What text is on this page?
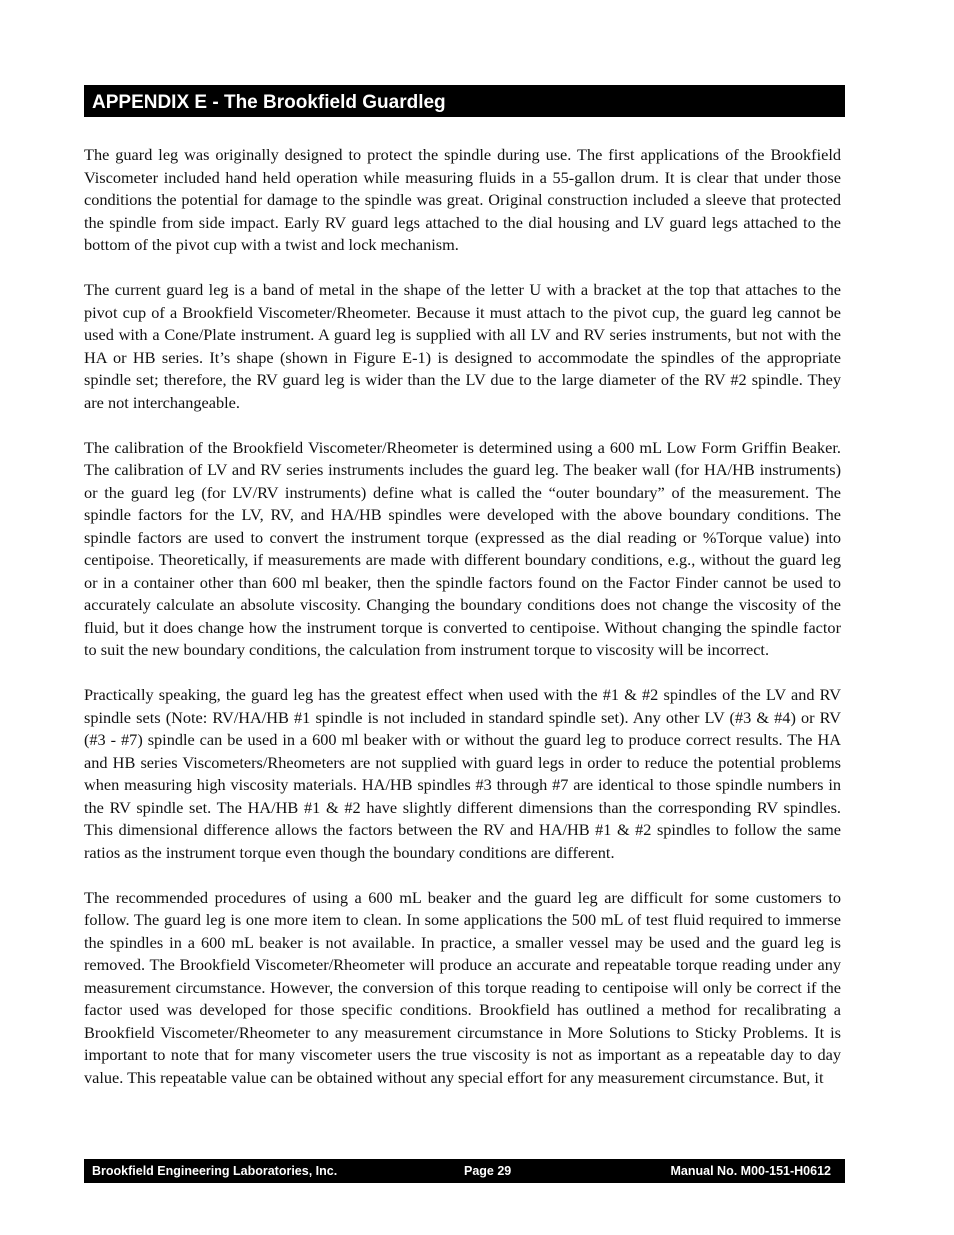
APPENDIX E - The Brookfield Guardleg

The guard leg was originally designed to protect the spindle during use. The first applications of the Brookfield Viscometer included hand held operation while measuring fluids in a 55-gallon drum. It is clear that under those conditions the potential for damage to the spindle was great. Original construction included a sleeve that protected the spindle from side impact. Early RV guard legs attached to the dial housing and LV guard legs attached to the bottom of the pivot cup with a twist and lock mechanism.

The current guard leg is a band of metal in the shape of the letter U with a bracket at the top that attaches to the pivot cup of a Brookfield Viscometer/Rheometer. Because it must attach to the pivot cup, the guard leg cannot be used with a Cone/Plate instrument. A guard leg is supplied with all LV and RV series instruments, but not with the HA or HB series. It’s shape (shown in Figure E-1) is designed to accommodate the spindles of the appropriate spindle set; therefore, the RV guard leg is wider than the LV due to the large diameter of the RV #2 spindle. They are not interchangeable.

The calibration of the Brookfield Viscometer/Rheometer is determined using a 600 mL Low Form Griffin Beaker. The calibration of LV and RV series instruments includes the guard leg. The beaker wall (for HA/HB instruments) or the guard leg (for LV/RV instruments) define what is called the “outer boundary” of the measurement. The spindle factors for the LV, RV, and HA/HB spindles were developed with the above boundary conditions. The spindle factors are used to convert the instrument torque (expressed as the dial reading or %Torque value) into centipoise. Theoretically, if measurements are made with different boundary conditions, e.g., without the guard leg or in a container other than 600 ml beaker, then the spindle factors found on the Factor Finder cannot be used to accurately calculate an absolute viscosity. Changing the boundary conditions does not change the viscosity of the fluid, but it does change how the instrument torque is converted to centipoise. Without changing the spindle factor to suit the new boundary conditions, the calculation from instrument torque to viscosity will be incorrect.

Practically speaking, the guard leg has the greatest effect when used with the #1 & #2 spindles of the LV and RV spindle sets (Note: RV/HA/HB #1 spindle is not included in standard spindle set). Any other LV (#3 & #4) or RV (#3 - #7) spindle can be used in a 600 ml beaker with or without the guard leg to produce correct results. The HA and HB series Viscometers/Rheometers are not supplied with guard legs in order to reduce the potential problems when measuring high viscosity materials. HA/HB spindles #3 through #7 are identical to those spindle numbers in the RV spindle set. The HA/HB #1 & #2 have slightly different dimensions than the corresponding RV spindles. This dimensional difference allows the factors between the RV and HA/HB #1 & #2 spindles to follow the same ratios as the instrument torque even though the boundary conditions are different.

The recommended procedures of using a 600 mL beaker and the guard leg are difficult for some customers to follow. The guard leg is one more item to clean. In some applications the 500 mL of test fluid required to immerse the spindles in a 600 mL beaker is not available. In practice, a smaller vessel may be used and the guard leg is removed. The Brookfield Viscometer/Rheometer will produce an accurate and repeatable torque reading under any measurement circumstance. However, the conversion of this torque reading to centipoise will only be correct if the factor used was developed for those specific conditions. Brookfield has outlined a method for recalibrating a Brookfield Viscometer/Rheometer to any measurement circumstance in More Solutions to Sticky Problems. It is important to note that for many viscometer users the true viscosity is not as important as a repeatable day to day value. This repeatable value can be obtained without any special effort for any measurement circumstance. But, it

Brookfield Engineering Laboratories, Inc.	Page 29	Manual No. M00-151-H0612
